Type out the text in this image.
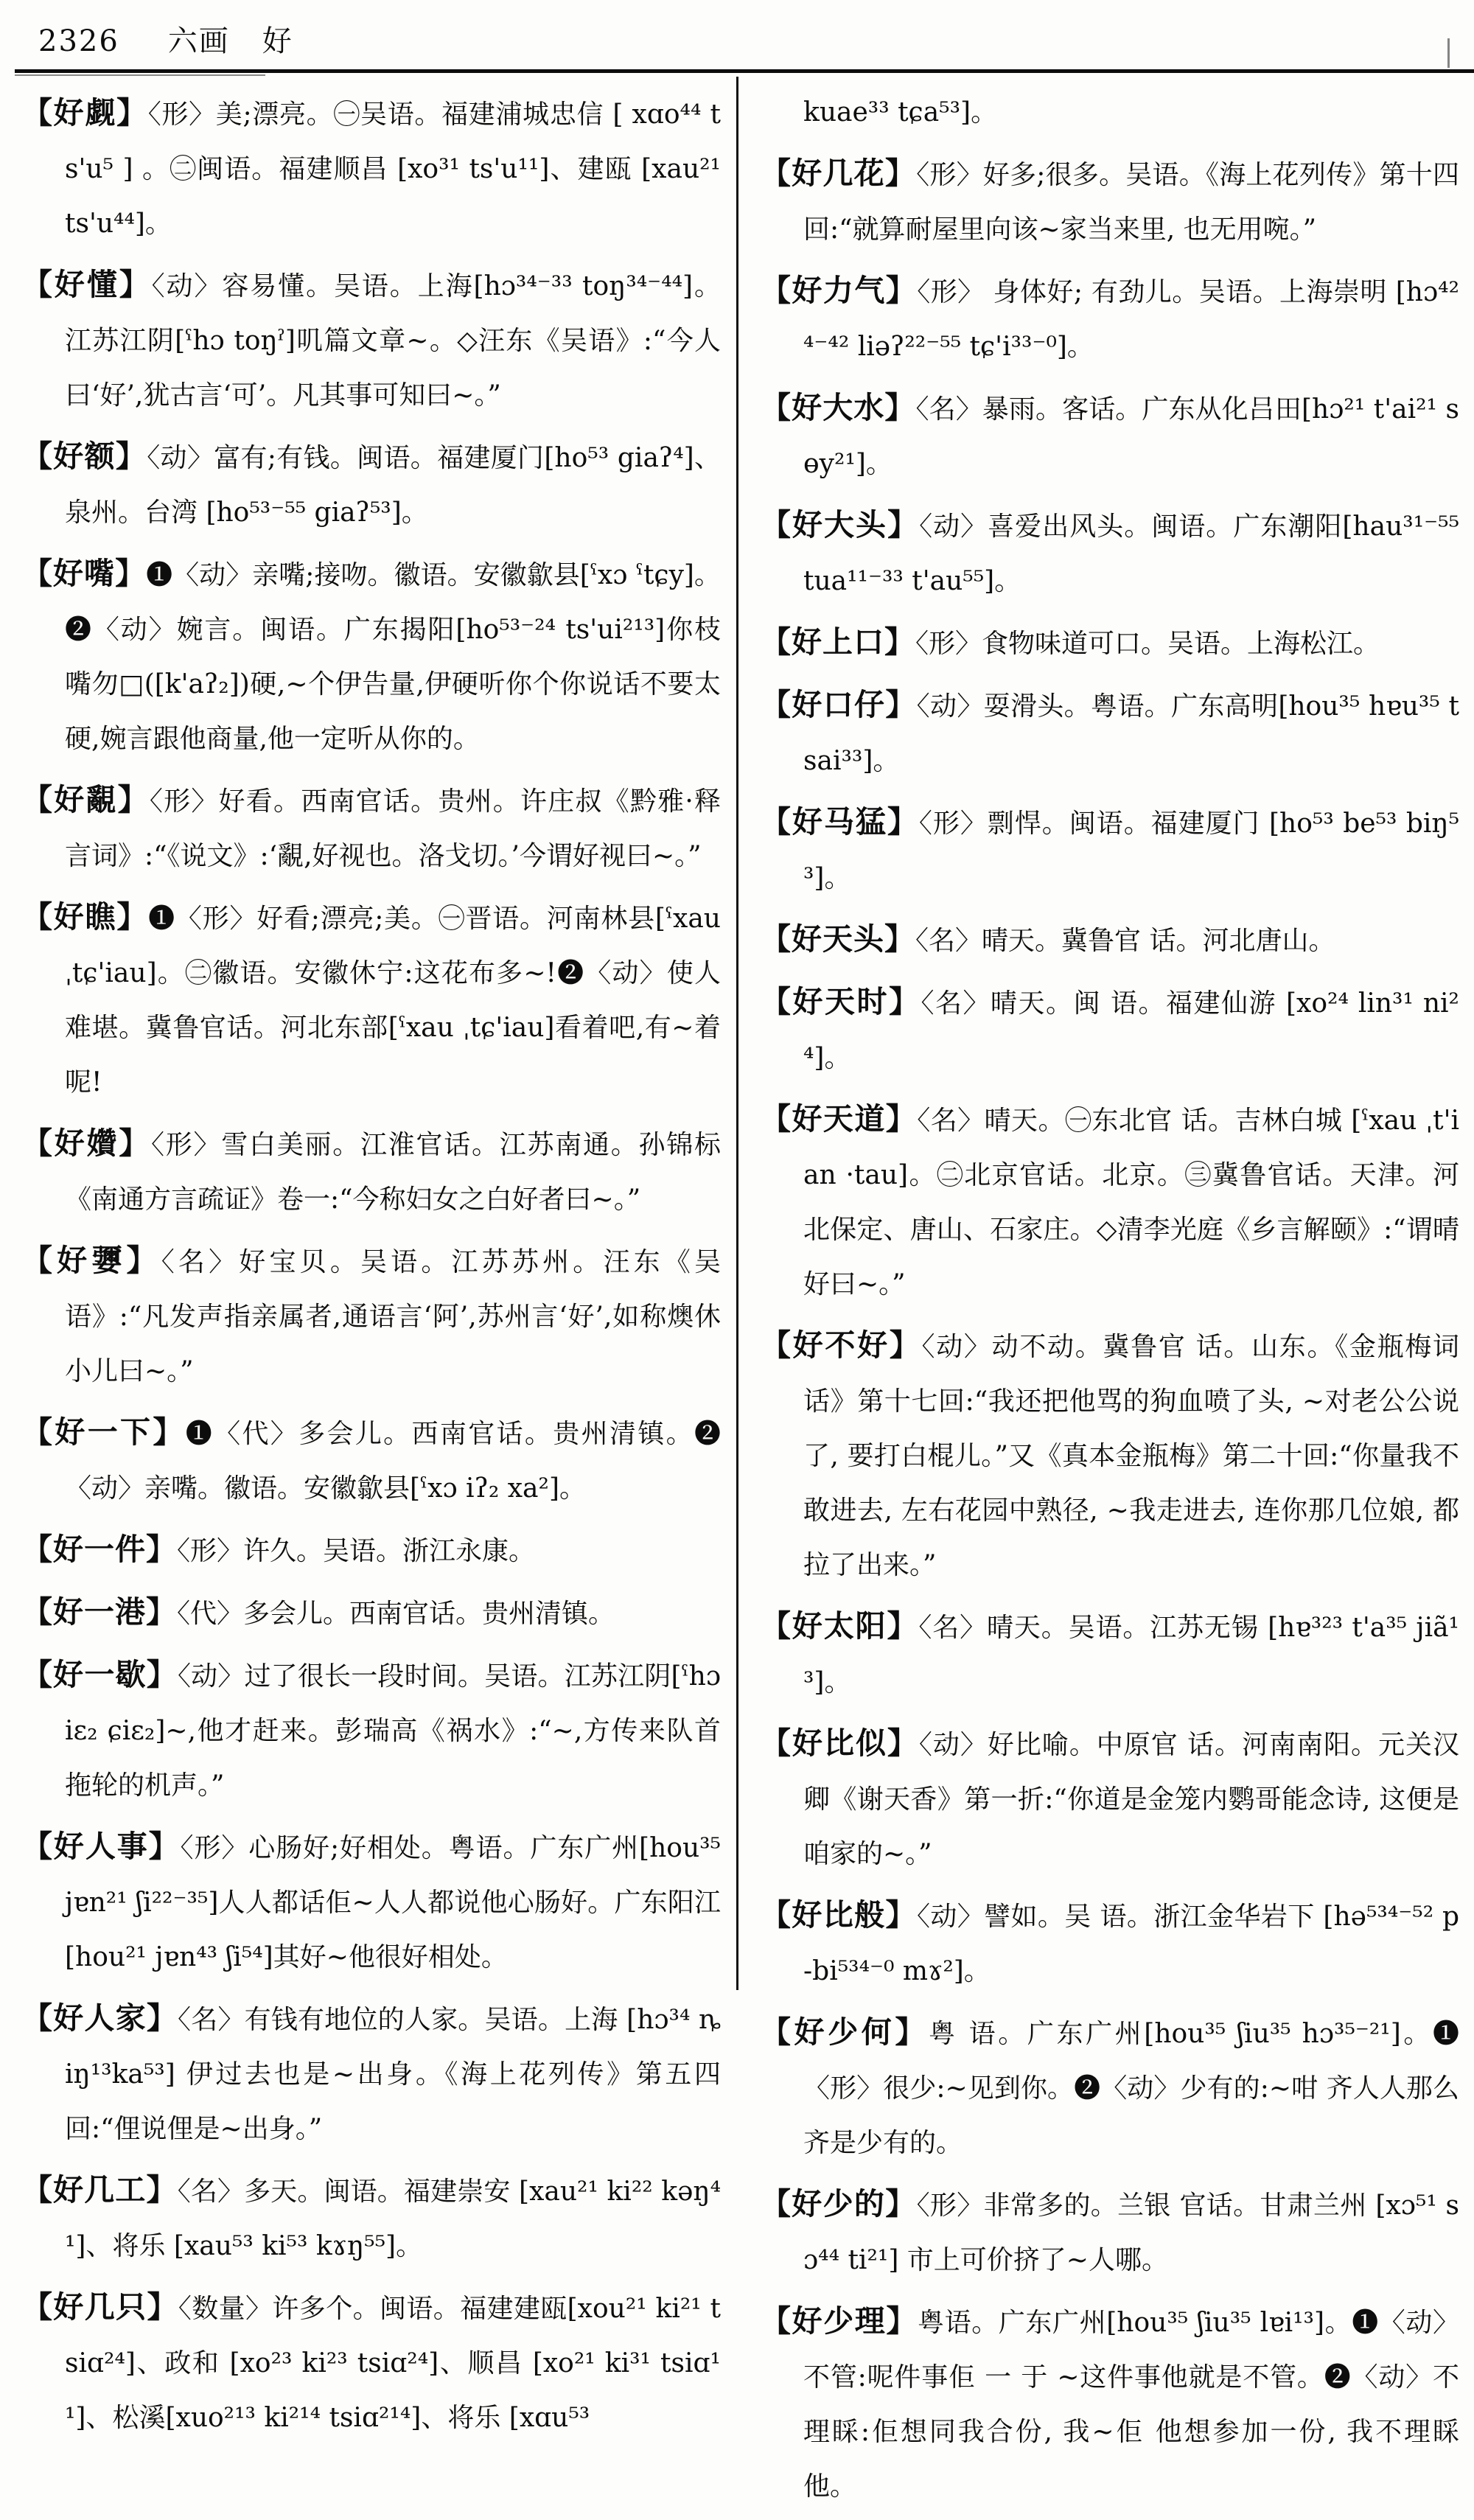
2326 六画 好
【好觑】〈形〉美;漂亮。㊀吴语。福建浦城忠信 [ xɑo⁴⁴ ts'u⁵ ] 。㊁闽语。福建顺昌 [xo³¹ ts'u¹¹]、建瓯 [xau²¹ ts'u⁴⁴]。
【好懂】〈动〉容易懂。吴语。上海[hɔ³⁴⁻³³ toŋ³⁴⁻⁴⁴]。江苏江阴[ˤhɔ toŋˀ]叽篇文章~。◇汪东《吴语》:“今人曰‘好’,犹古言‘可’。凡其事可知曰~。”
【好额】〈动〉富有;有钱。闽语。福建厦门[ho⁵³ giaʔ⁴]、泉州。台湾 [ho⁵³⁻⁵⁵ giaʔ⁵³]。
【好嘴】❶〈动〉亲嘴;接吻。徽语。安徽歙县[ˤxɔ ˤtɕy]。❷〈动〉婉言。闽语。广东揭阳[ho⁵³⁻²⁴ ts'ui²¹³]你枝嘴勿□([k'aʔ₂])硬,~个伊告量,伊硬听你个你说话不要太硬,婉言跟他商量,他一定听从你的。
【好覶】〈形〉好看。西南官话。贵州。许庄叔《黔雅·释言词》:“《说文》:‘覶,好视也。洛戈切。’今谓好视曰~。”
【好瞧】❶〈形〉好看;漂亮;美。㊀晋语。河南林县[ˤxau ˌtɕ'iau]。㊁徽语。安徽休宁:这花布多~!❷〈动〉使人难堪。冀鲁官话。河北东部[ˤxau ˌtɕ'iau]看着吧,有~着呢!
【好㜺】〈形〉雪白美丽。江淮官话。江苏南通。孙锦标《南通方言疏证》卷一:“今称妇女之白好者曰~。”
【好㜷】〈名〉好宝贝。吴语。江苏苏州。汪东《吴语》:“凡发声指亲属者,通语言‘阿’,苏州言‘好’,如称燠休小儿曰~。”
【好一下】❶〈代〉多会儿。西南官话。贵州清镇。❷〈动〉亲嘴。徽语。安徽歙县[ˤxɔ iʔ₂ xa²]。
【好一件】〈形〉许久。吴语。浙江永康。
【好一港】〈代〉多会儿。西南官话。贵州清镇。
【好一歇】〈动〉过了很长一段时间。吴语。江苏江阴[ˤhɔ iɛ₂ ɕiɛ₂]~,他才赶来。彭瑞高《祸水》:“~,方传来队首拖轮的机声。”
【好人事】〈形〉心肠好;好相处。粤语。广东广州[hou³⁵ jɐn²¹ ʃi²²⁻³⁵]人人都话佢~人人都说他心肠好。广东阳江[hou²¹ jɐn⁴³ ʃi⁵⁴]其好~他很好相处。
【好人家】〈名〉有钱有地位的人家。吴语。上海 [hɔ³⁴ ȵiŋ¹³ka⁵³] 伊过去也是~出身。《海上花列传》第五四回:“俚说俚是~出身。”
【好几工】〈名〉多天。闽语。福建崇安 [xau²¹ ki²² kəŋ⁴¹]、将乐 [xau⁵³ ki⁵³ kɤŋ⁵⁵]。
【好几只】〈数量〉许多个。闽语。福建建瓯[xou²¹ ki²¹ tsiɑ²⁴]、政和 [xo²³ ki²³ tsiɑ²⁴]、顺昌 [xo²¹ ki³¹ tsiɑ¹¹]、松溪[xuo²¹³ ki²¹⁴ tsiɑ²¹⁴]、将乐 [xɑu⁵³
kuae³³ tɕa⁵³]。
【好几花】〈形〉好多;很多。吴语。《海上花列传》第十四回:“就算耐屋里向该~家当来里, 也无用啘。”
【好力气】〈形〉 身体好; 有劲儿。吴语。上海崇明 [hɔ⁴²⁴⁻⁴² liəʔ²²⁻⁵⁵ tɕ'i³³⁻⁰]。
【好大水】〈名〉暴雨。客话。广东从化吕田[hɔ²¹ t'ai²¹ sɵy²¹]。
【好大头】〈动〉喜爱出风头。闽语。广东潮阳[hau³¹⁻⁵⁵ tua¹¹⁻³³ t'au⁵⁵]。
【好上口】〈形〉食物味道可口。吴语。上海松江。
【好口仔】〈动〉耍滑头。粤语。广东高明[hou³⁵ hɐu³⁵ tsai³³]。
【好马猛】〈形〉剽悍。闽语。福建厦门 [ho⁵³ be⁵³ biŋ⁵³]。
【好天头】〈名〉晴天。冀鲁官 话。河北唐山。
【好天时】〈名〉晴天。闽 语。福建仙游 [xo²⁴ lin³¹ ni²⁴]。
【好天道】〈名〉晴天。㊀东北官 话。吉林白城 [ˤxau ˌt'ian ·tau]。㊁北京官话。北京。㊂冀鲁官话。天津。河北保定、唐山、石家庄。◇清李光庭《乡言解颐》:“谓晴好曰~。”
【好不好】〈动〉动不动。冀鲁官 话。山东。《金瓶梅词话》第十七回:“我还把他骂的狗血喷了头, ~对老公公说了, 要打白棍儿。”又《真本金瓶梅》第二十回:“你量我不敢进去, 左右花园中熟径, ~我走进去, 连你那几位娘, 都拉了出来。”
【好太阳】〈名〉晴天。吴语。江苏无锡 [hɐ³²³ t'a³⁵ jiã¹³]。
【好比似】〈动〉好比喻。中原官 话。河南南阳。元关汉卿《谢天香》第一折:“你道是金笼内鹦哥能念诗, 这便是咱家的~。”
【好比般】〈动〉譬如。吴 语。浙江金华岩下 [hə⁵³⁴⁻⁵² p-bi⁵³⁴⁻⁰ mɤ²]。
【好少何】粤 语。广东广州[hou³⁵ ʃiu³⁵ hɔ³⁵⁻²¹]。❶〈形〉很少:~见到你。❷〈动〉少有的:~咁 齐人人那么齐是少有的。
【好少的】〈形〉非常多的。兰银 官话。甘肃兰州 [xɔ⁵¹ sɔ⁴⁴ ti²¹] 市上可价挤了~人哪。
【好少理】粤语。广东广州[hou³⁵ ʃiu³⁵ lɐi¹³]。❶〈动〉不管:呢件事佢 一 于 ~这件事他就是不管。❷〈动〉不理睬:佢想同我合份, 我~佢 他想参加一份, 我不理睬他。
